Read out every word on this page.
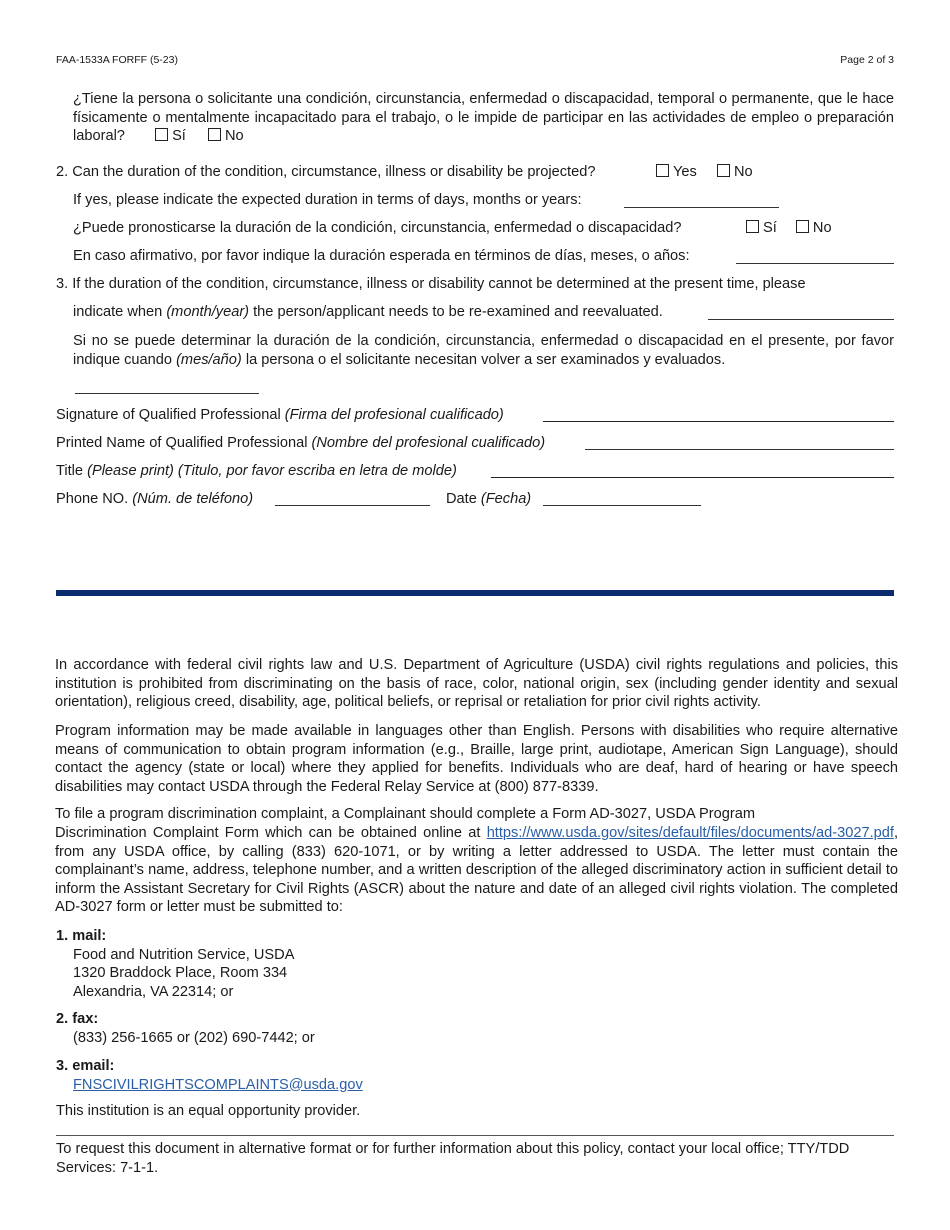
FAA-1533A FORFF (5-23)	Page 2 of 3
¿Tiene la persona o solicitante una condición, circunstancia, enfermedad o discapacidad, temporal o permanente, que le hace físicamente o mentalmente incapacitado para el trabajo, o le impide de participar en las actividades de empleo o preparación laboral?	Sí	No
2. Can the duration of the condition, circumstance, illness or disability be projected?	Yes	No
If yes, please indicate the expected duration in terms of days, months or years:
¿Puede pronosticarse la duración de la condición, circunstancia, enfermedad o discapacidad?	Sí No
En caso afirmativo, por favor indique la duración esperada en términos de días, meses, o años:
3. If the duration of the condition, circumstance, illness or disability cannot be determined at the present time, please
indicate when (month/year) the person/applicant needs to be re-examined and reevaluated.
Si no se puede determinar la duración de la condición, circunstancia, enfermedad o discapacidad en el presente, por favor indique cuando (mes/año) la persona o el solicitante necesitan volver a ser examinados y evaluados.
Signature of Qualified Professional (Firma del profesional cualificado)
Printed Name of Qualified Professional (Nombre del profesional cualificado)
Title (Please print) (Titulo, por favor escriba en letra de molde)
Phone NO. (Núm. de teléfono)	Date (Fecha)
In accordance with federal civil rights law and U.S. Department of Agriculture (USDA) civil rights regulations and policies, this institution is prohibited from discriminating on the basis of race, color, national origin, sex (including gender identity and sexual orientation), religious creed, disability, age, political beliefs, or reprisal or retaliation for prior civil rights activity.
Program information may be made available in languages other than English. Persons with disabilities who require alternative means of communication to obtain program information (e.g., Braille, large print, audiotape, American Sign Language), should contact the agency (state or local) where they applied for benefits. Individuals who are deaf, hard of hearing or have speech disabilities may contact USDA through the Federal Relay Service at (800) 877-8339.
To file a program discrimination complaint, a Complainant should complete a Form AD-3027, USDA Program
Discrimination Complaint Form which can be obtained online at https://www.usda.gov/sites/default/files/documents/ad-3027.pdf, from any USDA office, by calling (833) 620-1071, or by writing a letter addressed to USDA. The letter must contain the complainant’s name, address, telephone number, and a written description of the alleged discriminatory action in sufficient detail to inform the Assistant Secretary for Civil Rights (ASCR) about the nature and date of an alleged civil rights violation. The completed AD-3027 form or letter must be submitted to:
1. mail:
Food and Nutrition Service, USDA
1320 Braddock Place, Room 334
Alexandria, VA 22314; or
2. fax:
(833) 256-1665 or (202) 690-7442; or
3. email:
FNSCIVILRIGHTSCOMPLAINTS@usda.gov
This institution is an equal opportunity provider.
To request this document in alternative format or for further information about this policy, contact your local office; TTY/TDD Services: 7-1-1.
